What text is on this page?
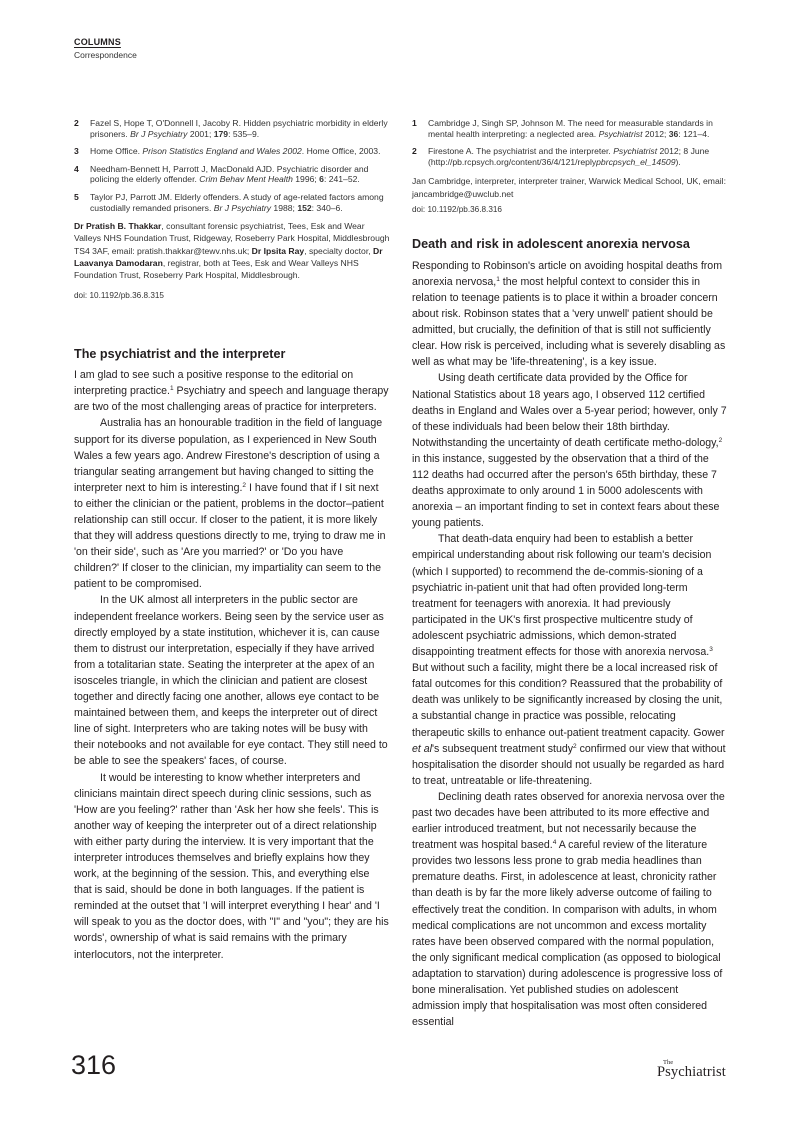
COLUMNS
Correspondence
2 Fazel S, Hope T, O'Donnell I, Jacoby R. Hidden psychiatric morbidity in elderly prisoners. Br J Psychiatry 2001; 179: 535–9.
3 Home Office. Prison Statistics England and Wales 2002. Home Office, 2003.
4 Needham-Bennett H, Parrott J, MacDonald AJD. Psychiatric disorder and policing the elderly offender. Crim Behav Ment Health 1996; 6: 241–52.
5 Taylor PJ, Parrott JM. Elderly offenders. A study of age-related factors among custodially remanded prisoners. Br J Psychiatry 1988; 152: 340–6.
Dr Pratish B. Thakkar, consultant forensic psychiatrist, Tees, Esk and Wear Valleys NHS Foundation Trust, Ridgeway, Roseberry Park Hospital, Middlesbrough TS4 3AF, email: pratish.thakkar@tewv.nhs.uk; Dr Ipsita Ray, specialty doctor, Dr Laavanya Damodaran, registrar, both at Tees, Esk and Wear Valleys NHS Foundation Trust, Roseberry Park Hospital, Middlesbrough.
doi: 10.1192/pb.36.8.315
The psychiatrist and the interpreter

I am glad to see such a positive response to the editorial on interpreting practice.$^1$ Psychiatry and speech and language therapy are two of the most challenging areas of practice for interpreters.

Australia has an honourable tradition in the field of language support for its diverse population, as I experienced in New South Wales a few years ago. Andrew Firestone's description of using a triangular seating arrangement but having changed to sitting the interpreter next to him is interesting.$^2$ I have found that if I sit next to either the clinician or the patient, problems in the doctor–patient relationship can still occur. If closer to the patient, it is more likely that they will address questions directly to me, trying to draw me in 'on their side', such as 'Are you married?' or 'Do you have children?' If closer to the clinician, my impartiality can seem to the patient to be compromised.

In the UK almost all interpreters in the public sector are independent freelance workers. Being seen by the service user as directly employed by a state institution, whichever it is, can cause them to distrust our interpretation, especially if they have arrived from a totalitarian state. Seating the interpreter at the apex of an isosceles triangle, in which the clinician and patient are closest together and directly facing one another, allows eye contact to be maintained between them, and keeps the interpreter out of direct line of sight. Interpreters who are taking notes will be busy with their notebooks and not available for eye contact. They still need to be able to see the speakers' faces, of course.

It would be interesting to know whether interpreters and clinicians maintain direct speech during clinic sessions, such as 'How are you feeling?' rather than 'Ask her how she feels'. This is another way of keeping the interpreter out of a direct relationship with either party during the interview. It is very important that the interpreter introduces themselves and briefly explains how they work, at the beginning of the session. This, and everything else that is said, should be done in both languages. If the patient is reminded at the outset that 'I will interpret everything I hear' and 'I will speak to you as the doctor does, with "I" and "you"; they are his words', ownership of what is said remains with the primary interlocutors, not the interpreter.

1 Cambridge J, Singh SP, Johnson M. The need for measurable standards in mental health interpreting: a neglected area. Psychiatrist 2012; 36: 121–4.
2 Firestone A. The psychiatrist and the interpreter. Psychiatrist 2012; 8 June (http://pb.rcpsych.org/content/36/4/121/replypbrcpsych_el_14509).
Jan Cambridge, interpreter, interpreter trainer, Warwick Medical School, UK, email: jancambridge@uwclub.net
doi: 10.1192/pb.36.8.316
Death and risk in adolescent anorexia nervosa

Responding to Robinson's article on avoiding hospital deaths from anorexia nervosa,$^1$ the most helpful context to consider this in relation to teenage patients is to place it within a broader concern about risk. Robinson states that a 'very unwell' patient should be admitted, but crucially, the definition of that is still not sufficiently clear. How risk is perceived, including what is severely disabling as well as what may be 'life-threatening', is a key issue.

Using death certificate data provided by the Office for National Statistics about 18 years ago, I observed 112 certified deaths in England and Wales over a 5-year period; however, only 7 of these individuals had been below their 18th birthday. Notwithstanding the uncertainty of death certificate metho-dology,$^2$ in this instance, suggested by the observation that a third of the 112 deaths had occurred after the person's 65th birthday, these 7 deaths approximate to only around 1 in 5000 adolescents with anorexia – an important finding to set in context fears about these young patients.

That death-data enquiry had been to establish a better empirical understanding about risk following our team's decision (which I supported) to recommend the de-commis-sioning of a psychiatric in-patient unit that had often provided long-term treatment for teenagers with anorexia. It had previously participated in the UK's first prospective multicentre study of adolescent psychiatric admissions, which demon-strated disappointing treatment effects for those with anorexia nervosa.$^3$ But without such a facility, might there be a local increased risk of fatal outcomes for this condition? Reassured that the probability of death was unlikely to be significantly increased by closing the unit, a substantial change in practice was possible, relocating therapeutic skills to enhance out-patient treatment capacity. Gower et al's subsequent treatment study$^2$ confirmed our view that without hospitalisation the disorder should not usually be regarded as hard to treat, untreatable or life-threatening.

Declining death rates observed for anorexia nervosa over the past two decades have been attributed to its more effective and earlier introduced treatment, but not necessarily because the treatment was hospital based.$^4$ A careful review of the literature provides two lessons less prone to grab media headlines than premature deaths. First, in adolescence at least, chronicity rather than death is by far the more likely adverse outcome of failing to effectively treat the condition. In comparison with adults, in whom medical complications are not uncommon and excess mortality rates have been observed compared with the normal population, the only significant medical complication (as opposed to biological adaptation to starvation) during adolescence is progressive loss of bone mineralisation. Yet published studies on adolescent admission imply that hospitalisation was most often considered essential

316	The
Psychiatrist
